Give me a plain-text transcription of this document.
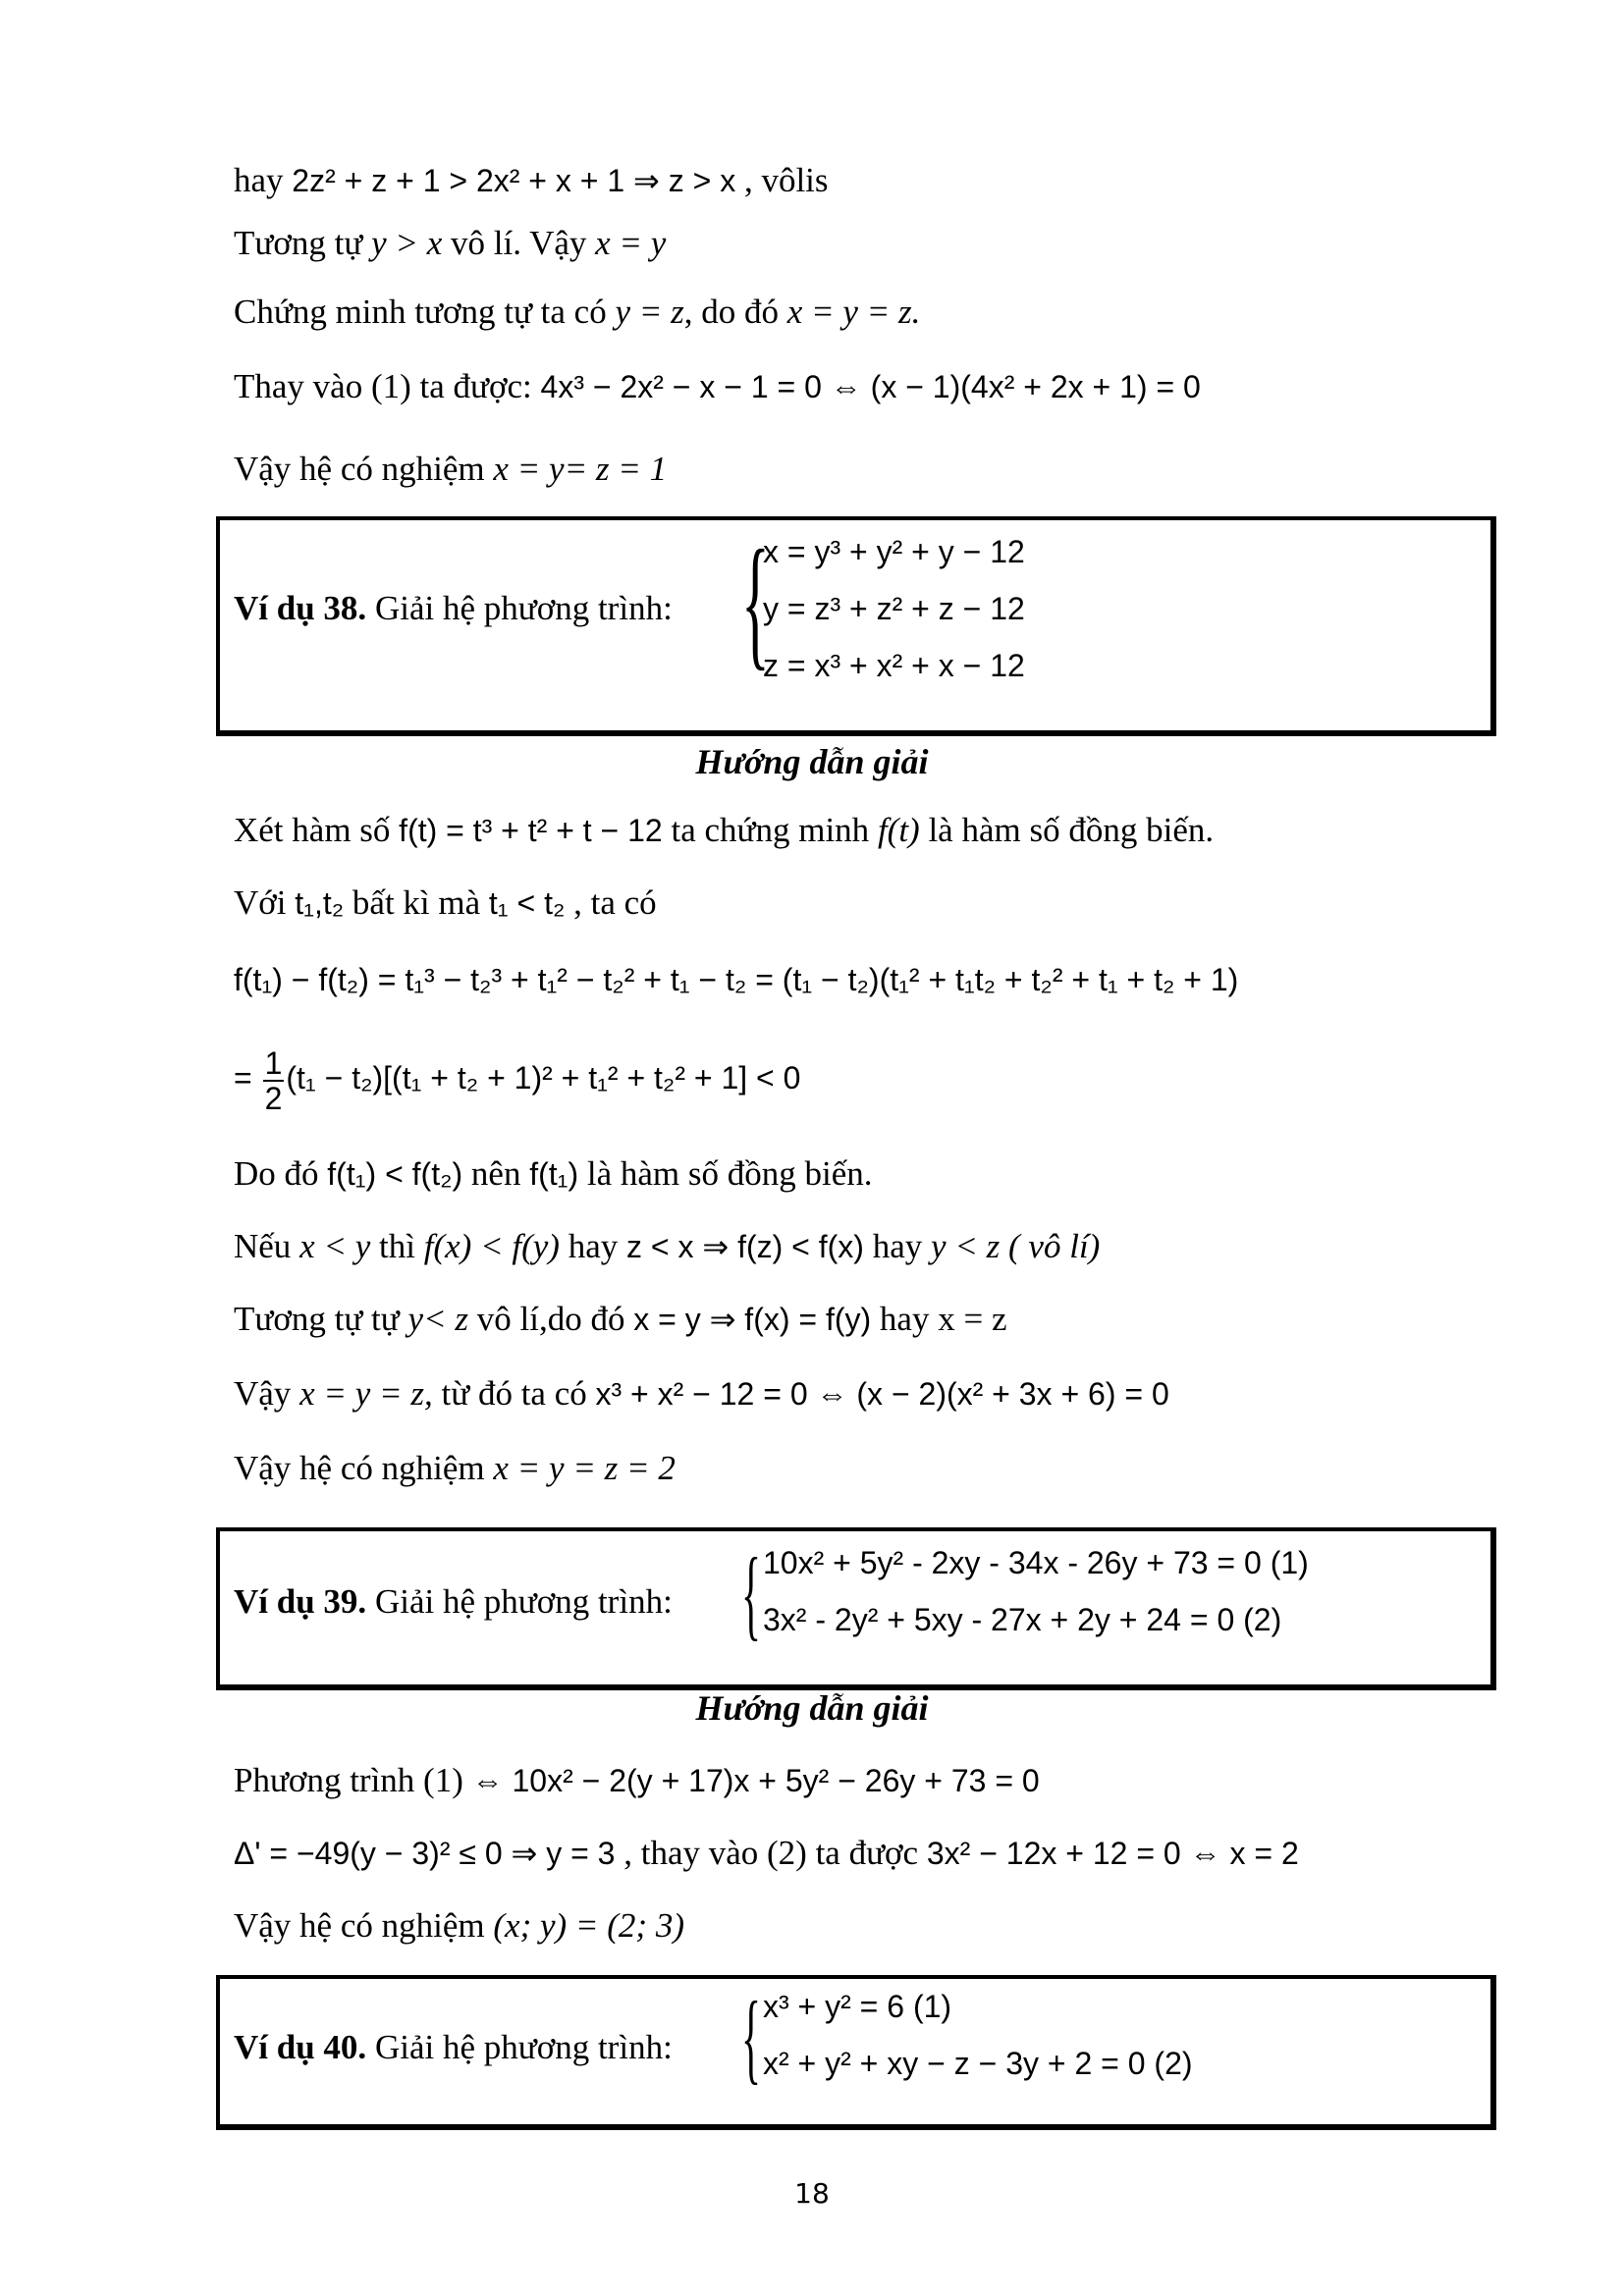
hay 2z² + z + 1 > 2x² + x + 1 ⇒ z > x , vôlis
Tương tự y > x vô lí. Vậy x = y
Chứng minh tương tự ta có y = z, do đó x = y = z.
Thay vào (1) ta được: 4x³ − 2x² − x − 1 = 0 ⇔ (x − 1)(4x² + 2x + 1) = 0
Vậy hệ có nghiệm x = y= z = 1
Ví dụ 38. Giải hệ phương trình: {
x = y³ + y² + y − 12
y = z³ + z² + z − 12
z = x³ + x² + x − 12
Hướng dẫn giải
Xét hàm số f(t) = t³ + t² + t − 12 ta chứng minh f(t) là hàm số đồng biến.
Với t₁,t₂ bất kì mà t₁ < t₂ , ta có
f(t₁) − f(t₂) = t₁³ − t₂³ + t₁² − t₂² + t₁ − t₂ = (t₁ − t₂)(t₁² + t₁t₂ + t₂² + t₁ + t₂ + 1)
= $\frac{1}{2} (t_1 - t_2)[(t_1 + t_2 + 1)^2 + t_1^2 + t_2^2 + 1] < 0$
Do đó f(t₁) < f(t₂) nên f(t₁) là hàm số đồng biến.
Nếu x < y thì f(x) < f(y) hay z < x ⇒ f(z) < f(x) hay y < z ( vô lí)
Tương tự tự y< z vô lí,do đó x = y ⇒ f(x) = f(y) hay x = z
Vậy x = y = z, từ đó ta có x³ + x² − 12 = 0 ⇔ (x − 2)(x² + 3x + 6) = 0
Vậy hệ có nghiệm x = y = z = 2
Ví dụ 39. Giải hệ phương trình: { 10x² + 5y² - 2xy - 34x - 26y + 73 = 0 (1)
3x² - 2y² + 5xy - 27x + 2y + 24 = 0 (2)
Hướng dẫn giải
Phương trình (1) ⇔ 10x² − 2(y + 17)x + 5y² − 26y + 73 = 0
Δ' = −49(y − 3)² ≤ 0 ⇒ y = 3 , thay vào (2) ta được 3x² − 12x + 12 = 0 ⇔ x = 2
Vậy hệ có nghiệm (x; y) = (2; 3)
Ví dụ 40. Giải hệ phương trình: { x³ + y² = 6 (1)
x² + y² + xy − z − 3y + 2 = 0 (2)
18
